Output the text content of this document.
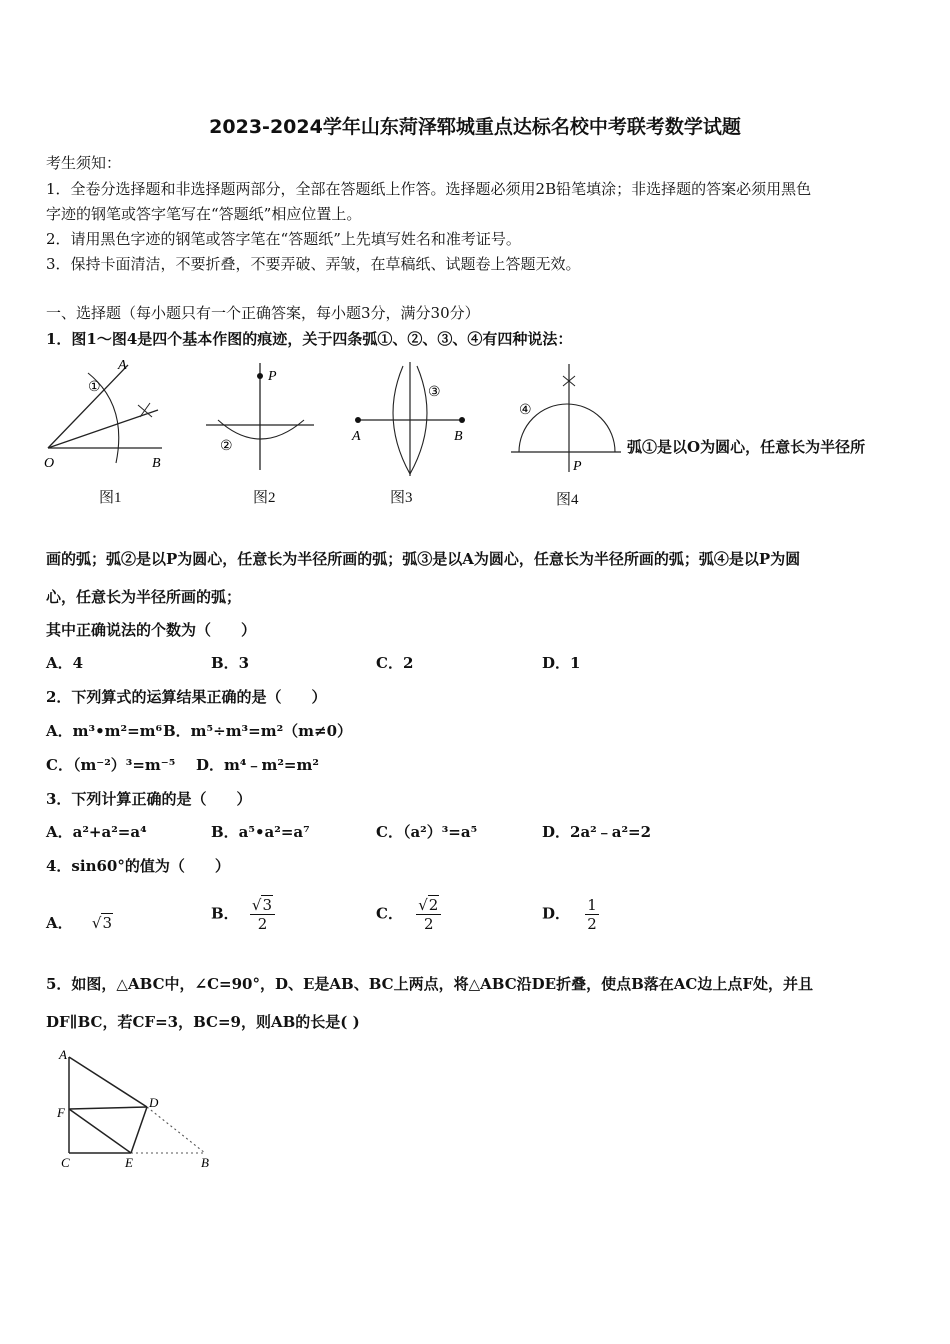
2023-2024学年山东菏泽郓城重点达标名校中考联考数学试题
考生须知：
1．全卷分选择题和非选择题两部分，全部在答题纸上作答。选择题必须用2B铅笔填涂；非选择题的答案必须用黑色
字迹的钢笔或答字笔写在“答题纸”相应位置上。
2．请用黑色字迹的钢笔或答字笔在“答题纸”上先填写姓名和准考证号。
3．保持卡面清洁，不要折叠，不要弄破、弄皱，在草稿纸、试题卷上答题无效。
一、选择题（每小题只有一个正确答案，每小题3分，满分30分）
1．图1～图4是四个基本作图的痕迹，关于四条弧①、②、③、④有四种说法：
A
①
O	B
图1
P
②
图2
③
A	B
图3
④
P
图4
弧①是以O为圆心，任意长为半径所
画的弧；弧②是以P为圆心，任意长为半径所画的弧；弧③是以A为圆心，任意长为半径所画的弧；弧④是以P为圆
心，任意长为半径所画的弧；
其中正确说法的个数为（　　）
A．4	B．3	C．2	D．1
2．下列算式的运算结果正确的是（　　）
A．m³•m²=m⁶ B．m⁵÷m³=m²（m≠0）
C．（m⁻²）³=m⁻⁵ D．m⁴﹣m²=m²
3．下列计算正确的是（　　）
A．a²+a²=a⁴	B．a⁵•a²=a⁷	C．（a²）³=a⁵	D．2a²﹣a²=2
4．sin60°的值为（　　）
A． √3
B． $\frac{√3}{2}$	C． $\frac{√2}{2}$	D． $\frac{1}{2}$
5．如图，△ABC中，∠C=90°，D、E是AB、BC上两点，将△ABC沿DE折叠，使点B落在AC边上点F处，并且
DF∥BC，若CF=3，BC=9，则AB的长是( )
A
F
D
C	E	B
